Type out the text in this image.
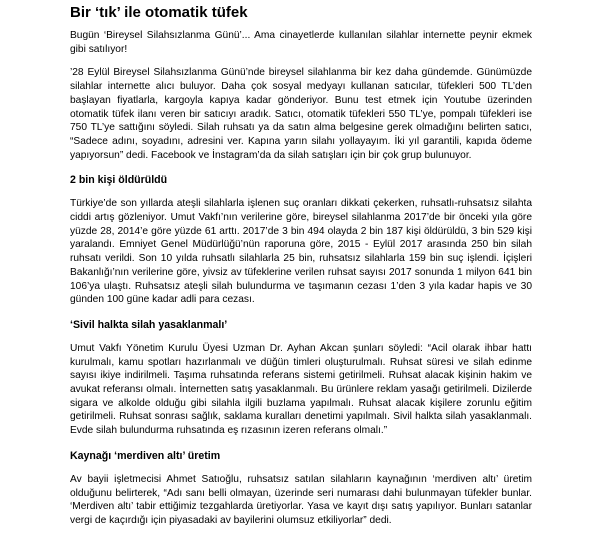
Bir ‘tık’ ile otomatik tüfek

Bugün ‘Bireysel Silahsızlanma Günü’... Ama cinayetlerde kullanılan silahlar internette peynir ekmek gibi satılıyor!

’28 Eylül Bireysel Silahsızlanma Günü’nde bireysel silahlanma bir kez daha gündemde. Günümüzde silahlar internette alıcı buluyor. Daha çok sosyal medyayı kullanan satıcılar, tüfekleri 500 TL’den başlayan fiyatlarla, kargoyla kapıya kadar gönderiyor. Bunu test etmek için Youtube üzerinden otomatik tüfek ilanı veren bir satıcıyı aradık. Satıcı, otomatik tüfekleri 550 TL’ye, pompalı tüfekleri ise 750 TL’ye sattığını söyledi. Silah ruhsatı ya da satın alma belgesine gerek olmadığını belirten satıcı, “Sadece adını, soyadını, adresini ver. Kapına yarın silahı yollayayım. İki yıl garantili, kapıda ödeme yapıyorsun” dedi. Facebook ve İnstagram’da da silah satışları için bir çok grup bulunuyor.

2 bin kişi öldürüldü

Türkiye’de son yıllarda ateşli silahlarla işlenen suç oranları dikkati çekerken, ruhsatlı-ruhsatsız silahta ciddi artış gözleniyor. Umut Vakfı’nın verilerine göre, bireysel silahlanma 2017’de bir önceki yıla göre yüzde 28, 2014’e göre yüzde 61 arttı. 2017’de 3 bin 494 olayda 2 bin 187 kişi öldürüldü, 3 bin 529 kişi yaralandı. Emniyet Genel Müdürlüğü’nün raporuna göre, 2015 - Eylül 2017 arasında 250 bin silah ruhsatı verildi. Son 10 yılda ruhsatlı silahlarla 25 bin, ruhsatsız silahlarla 159 bin suç işlendi. İçişleri Bakanlığı’nın verilerine göre, yivsiz av tüfeklerine verilen ruhsat sayısı 2017 sonunda 1 milyon 641 bin 106’ya ulaştı. Ruhsatsız ateşli silah bulundurma ve taşımanın cezası 1’den 3 yıla kadar hapis ve 30 günden 100 güne kadar adli para cezası.

‘Sivil halkta silah yasaklanmalı’

Umut Vakfı Yönetim Kurulu Üyesi Uzman Dr. Ayhan Akcan şunları söyledi: “Acil olarak ihbar hattı kurulmalı, kamu spotları hazırlanmalı ve düğün timleri oluşturulmalı. Ruhsat süresi ve silah edinme sayısı ikiye indirilmeli. Taşıma ruhsatında referans sistemi getirilmeli. Ruhsat alacak kişinin hakim ve avukat referansı olmalı. İnternetten satış yasaklanmalı. Bu ürünlere reklam yasağı getirilmeli. Dizilerde sigara ve alkolde olduğu gibi silahla ilgili buzlama yapılmalı. Ruhsat alacak kişilere zorunlu eğitim getirilmeli. Ruhsat sonrası sağlık, saklama kuralları denetimi yapılmalı. Sivil halkta silah yasaklanmalı. Evde silah bulundurma ruhsatında eş rızasının izeren referans olmalı.”

Kaynağı ‘merdiven altı’ üretim

Av bayii işletmecisi Ahmet Satıoğlu, ruhsatsız satılan silahların kaynağının ‘merdiven altı’ üretim olduğunu belirterek, “Adı sanı belli olmayan, üzerinde seri numarası dahi bulunmayan tüfekler bunlar. ‘Merdiven altı’ tabir ettiğimiz tezgahlarda üretiyorlar. Yasa ve kayıt dışı satış yapılıyor. Bunları satanlar vergi de kaçırdığı için piyasadaki av bayilerini olumsuz etkiliyorlar” dedi.
